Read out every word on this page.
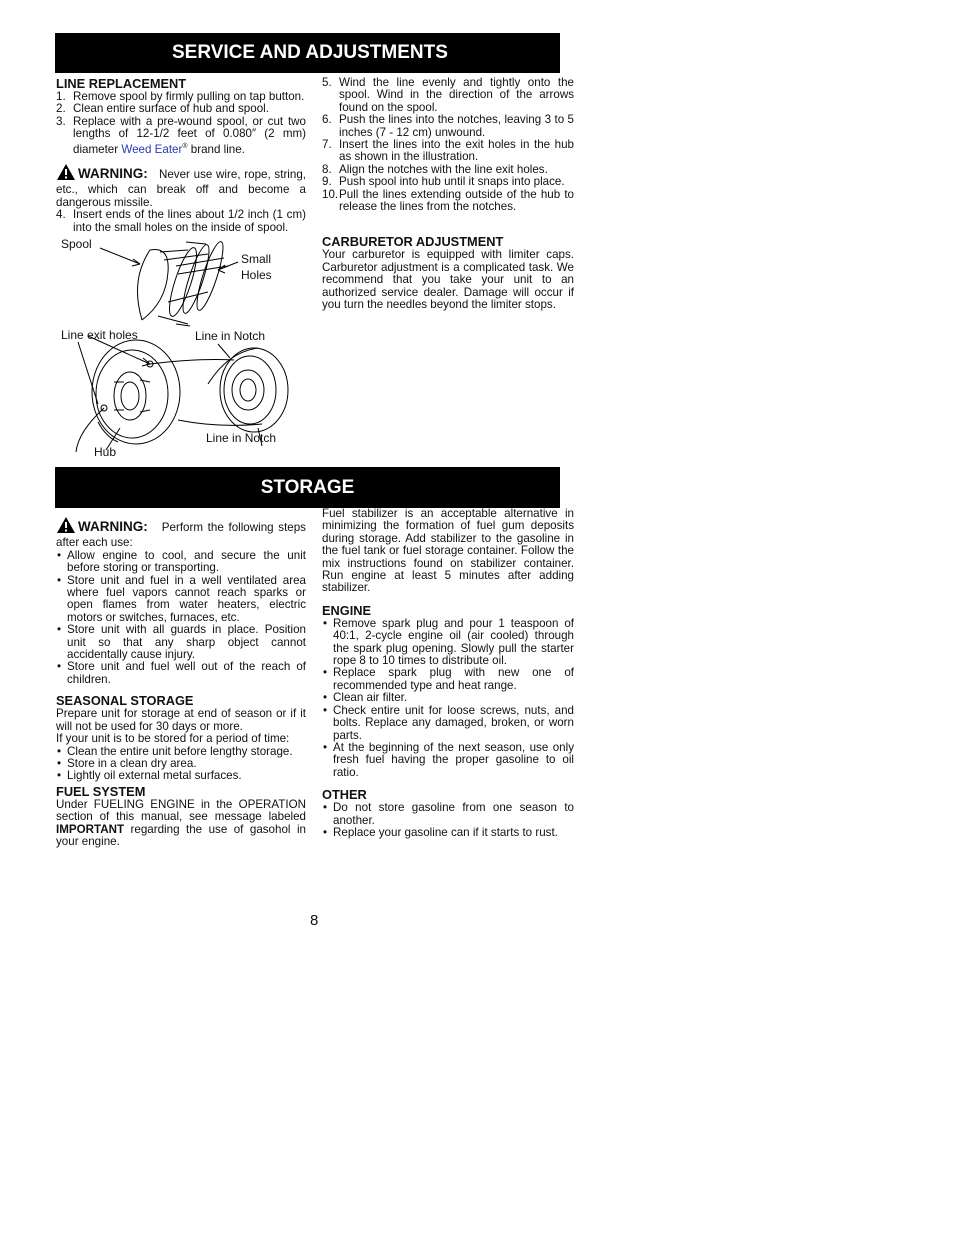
SERVICE AND ADJUSTMENTS
STORAGE
LINE REPLACEMENT
1. Remove spool by firmly pulling on tap button.
2. Clean entire surface of hub and spool.
3. Replace with a pre-wound spool, or cut two lengths of 12-1/2 feet of 0.080″ (2 mm) diameter Weed Eater® brand line.

WARNING: Never use wire, rope, string, etc., which can break off and become a dangerous missile.

4. Insert ends of the lines about 1/2 inch (1 cm) into the small holes on the inside of spool.
Spool
Small
Holes
Line exit holes	Line in Notch
Line in Notch
Hub
5. Wind the line evenly and tightly onto the spool. Wind in the direction of the arrows found on the spool.
6. Push the lines into the notches, leaving 3 to 5 inches (7 - 12 cm) unwound.
7. Insert the lines into the exit holes in the hub as shown in the illustration.
8. Align the notches with the line exit holes.
9. Push spool into hub until it snaps into place.
10. Pull the lines extending outside of the hub to release the lines from the notches.
CARBURETOR ADJUSTMENT

Your carburetor is equipped with limiter caps. Carburetor adjustment is a complicated task. We recommend that you take your unit to an authorized service dealer. Damage will occur if you turn the needles beyond the limiter stops.

WARNING: Perform the following steps after each use:

• Allow engine to cool, and secure the unit before storing or transporting.
• Store unit and fuel in a well ventilated area where fuel vapors cannot reach sparks or open flames from water heaters, electric motors or switches, furnaces, etc.
• Store unit with all guards in place. Position unit so that any sharp object cannot accidentally cause injury.
• Store unit and fuel well out of the reach of children.
SEASONAL STORAGE

Prepare unit for storage at end of season or if it will not be used for 30 days or more.

If your unit is to be stored for a period of time:

• Clean the entire unit before lengthy storage.
• Store in a clean dry area.
• Lightly oil external metal surfaces.
FUEL SYSTEM

Under FUELING ENGINE in the OPERATION section of this manual, see message labeled IMPORTANT regarding the use of gasohol in your engine.

Fuel stabilizer is an acceptable alternative in minimizing the formation of fuel gum deposits during storage. Add stabilizer to the gasoline in the fuel tank or fuel storage container. Follow the mix instructions found on stabilizer container. Run engine at least 5 minutes after adding stabilizer.

ENGINE
• Remove spark plug and pour 1 teaspoon of 40:1, 2-cycle engine oil (air cooled) through the spark plug opening. Slowly pull the starter rope 8 to 10 times to distribute oil.
• Replace spark plug with new one of recommended type and heat range.
• Clean air filter.
• Check entire unit for loose screws, nuts, and bolts. Replace any damaged, broken, or worn parts.
• At the beginning of the next season, use only fresh fuel having the proper gasoline to oil ratio.
OTHER
• Do not store gasoline from one season to another.
• Replace your gasoline can if it starts to rust.
8
